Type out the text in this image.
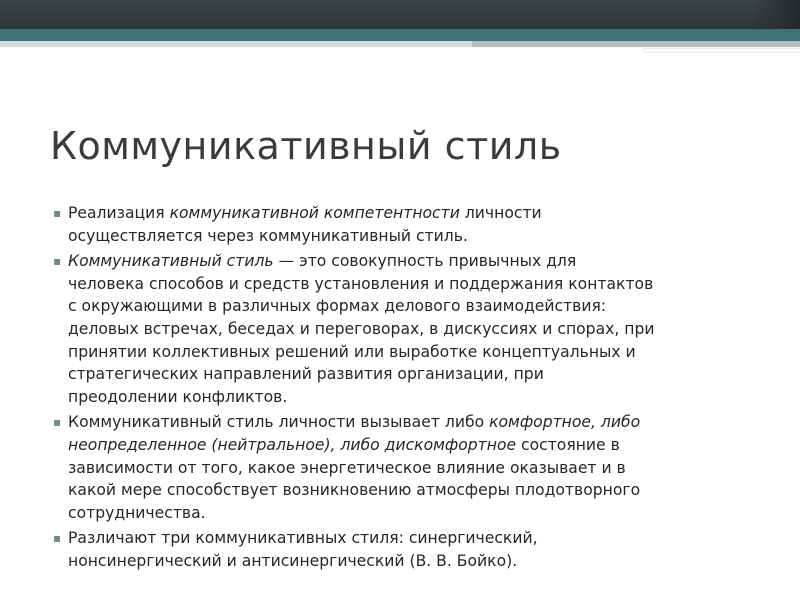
Коммуникативный стиль
▪ Реализация коммуникативной компетентности личности
осуществляется через коммуникативный стиль.
▪ Коммуникативный стиль — это совокупность привычных для
человека способов и средств установления и поддержания контактов
с окружающими в различных формах делового взаимодействия:
деловых встречах, беседах и переговорах, в дискуссиях и спорах, при
принятии коллективных решений или выработке концептуальных и
стратегических направлений развития организации, при
преодолении конфликтов.
▪ Коммуникативный стиль личности вызывает либо комфортное, либо
неопределенное (нейтральное), либо дискомфортное состояние в
зависимости от того, какое энергетическое влияние оказывает и в
какой мере способствует возникновению атмосферы плодотворного
сотрудничества.
▪ Различают три коммуникативных стиля: синергический,
нонсинергический и антисинергический (В. В. Бойко).
